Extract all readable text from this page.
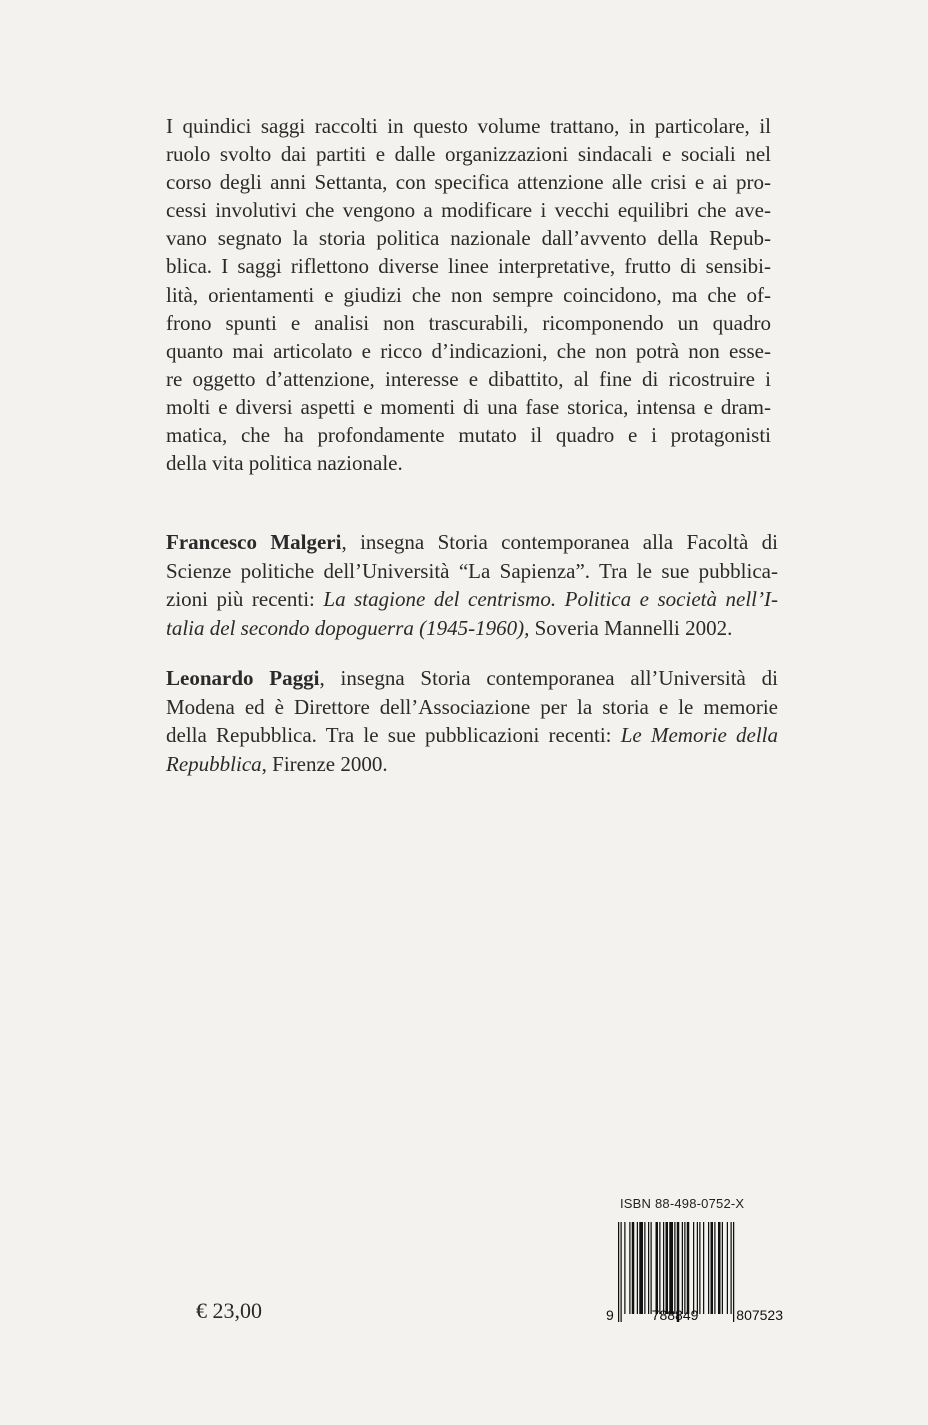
I quindici saggi raccolti in questo volume trattano, in particolare, il
ruolo svolto dai partiti e dalle organizzazioni sindacali e sociali nel
corso degli anni Settanta, con specifica attenzione alle crisi e ai pro-
cessi involutivi che vengono a modificare i vecchi equilibri che ave-
vano segnato la storia politica nazionale dall’avvento della Repub-
blica. I saggi riflettono diverse linee interpretative, frutto di sensibi-
lità, orientamenti e giudizi che non sempre coincidono, ma che of-
frono spunti e analisi non trascurabili, ricomponendo un quadro
quanto mai articolato e ricco d’indicazioni, che non potrà non esse-
re oggetto d’attenzione, interesse e dibattito, al fine di ricostruire i
molti e diversi aspetti e momenti di una fase storica, intensa e dram-
matica, che ha profondamente mutato il quadro e i protagonisti
della vita politica nazionale.
Francesco Malgeri, insegna Storia contemporanea alla Facoltà di
Scienze politiche dell’Università “La Sapienza”. Tra le sue pubblica-
zioni più recenti: La stagione del centrismo. Politica e società nell’I-
talia del secondo dopoguerra (1945-1960), Soveria Mannelli 2002.
Leonardo Paggi, insegna Storia contemporanea all’Università di
Modena ed è Direttore dell’Associazione per la storia e le memorie
della Repubblica. Tra le sue pubblicazioni recenti: Le Memorie della
Repubblica, Firenze 2000.
ISBN 88-498-0752-X
9 788849 807523
€ 23,00
